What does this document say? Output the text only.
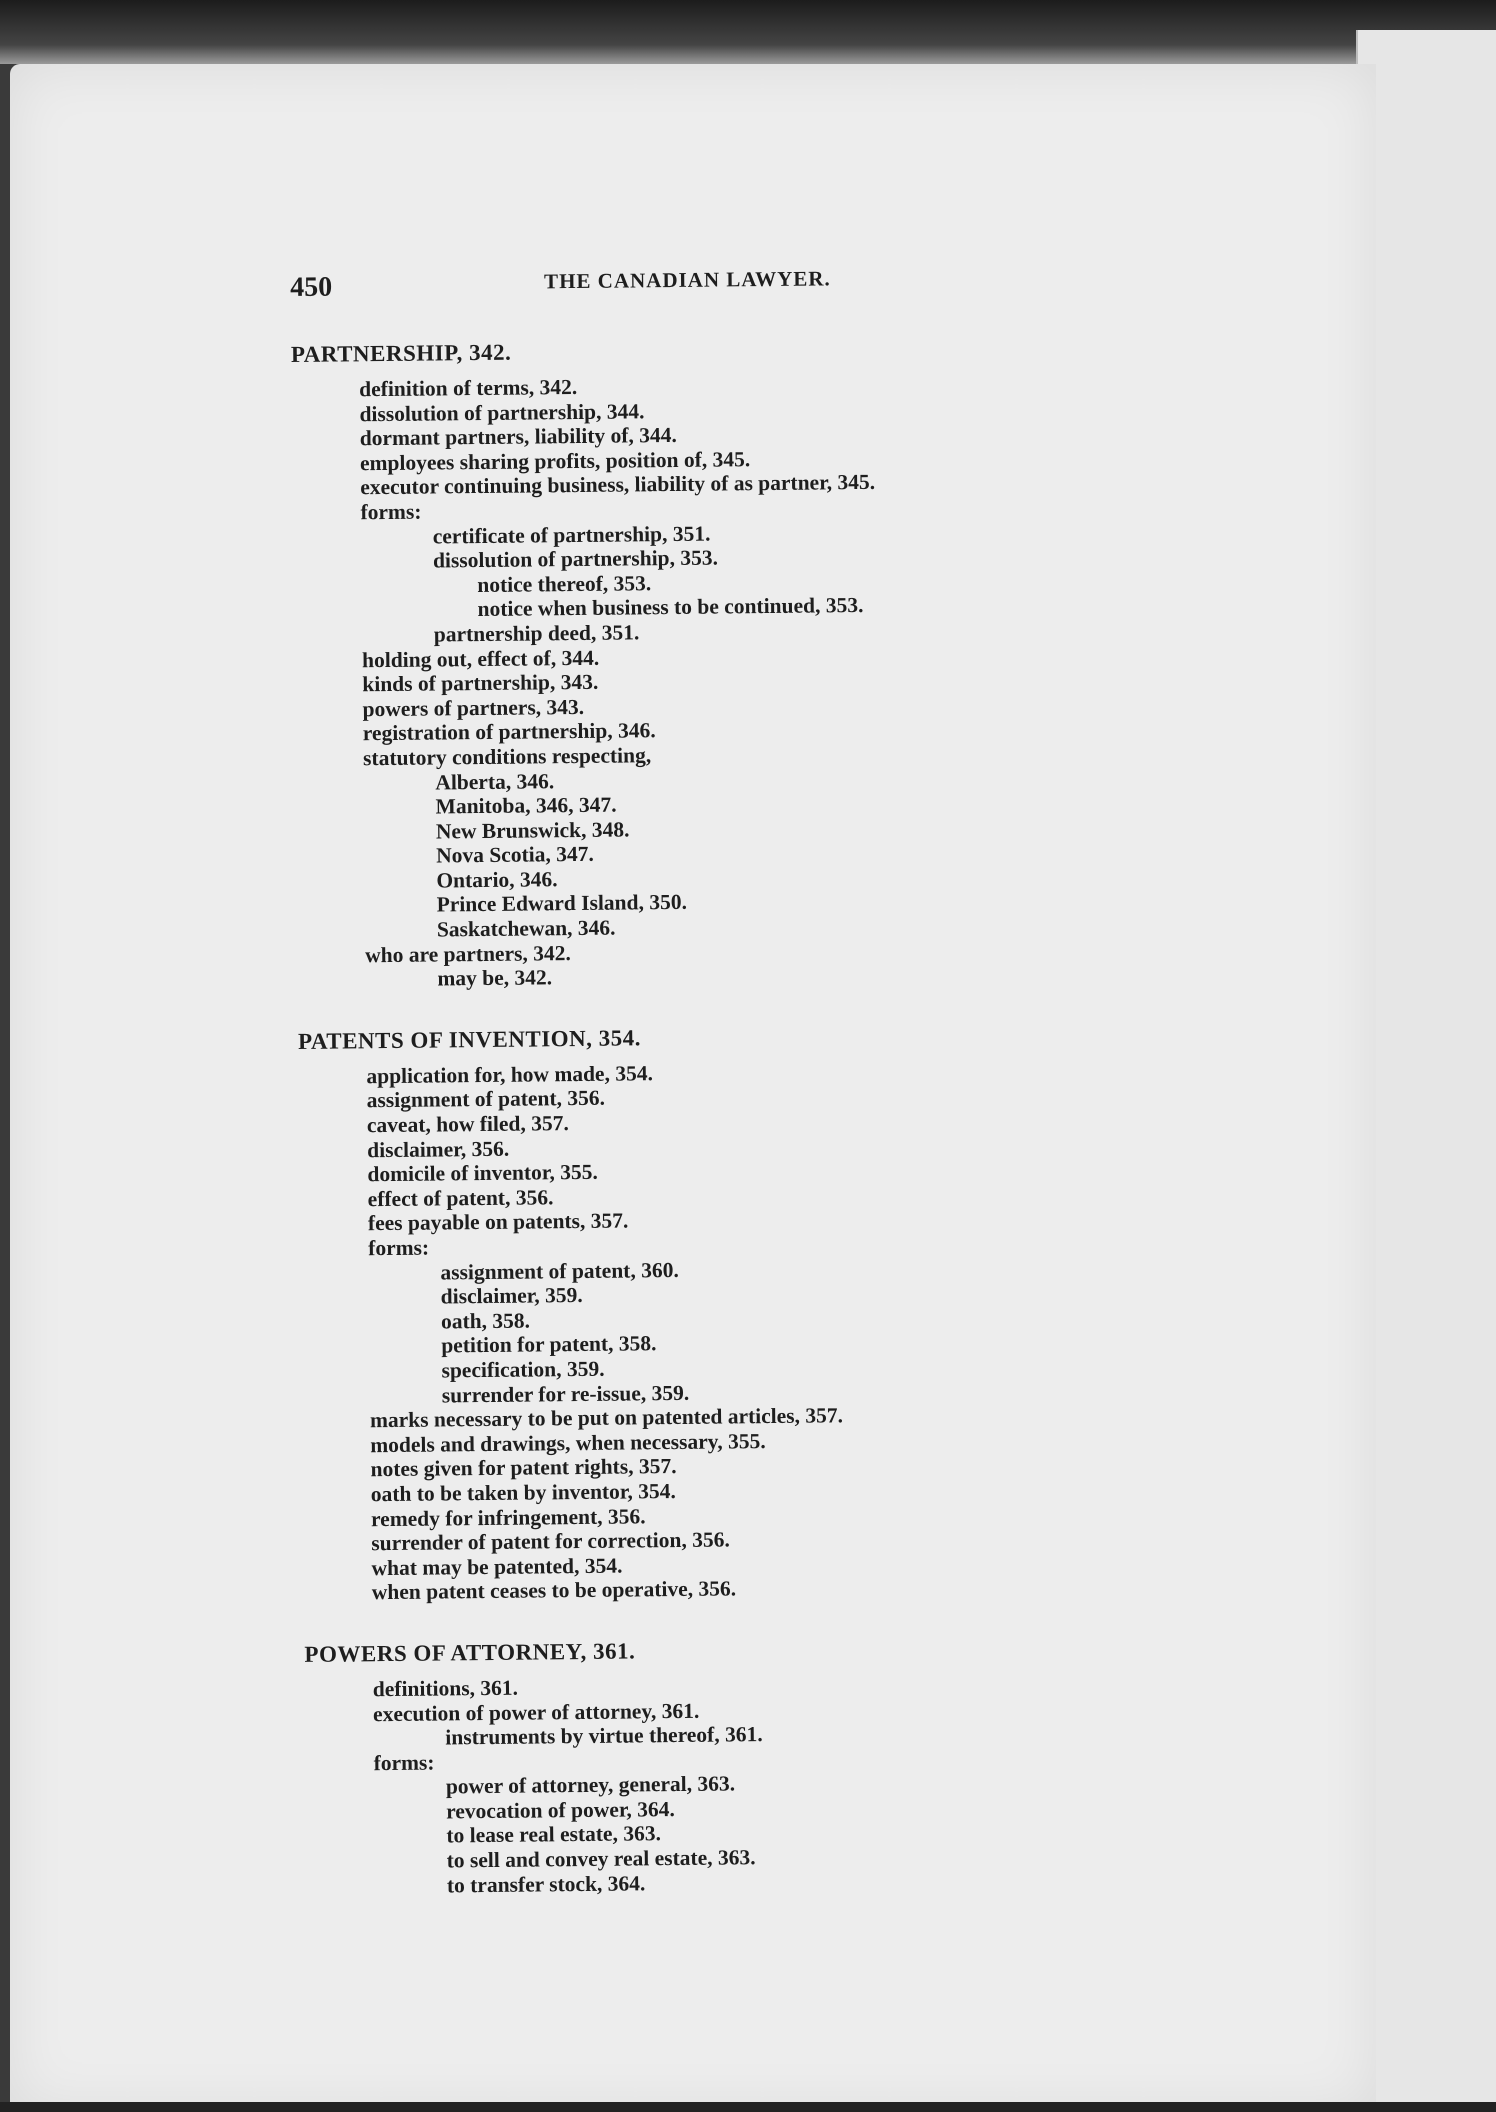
450	THE CANADIAN LAWYER.
PARTNERSHIP, 342.
definition of terms, 342.
dissolution of partnership, 344.
dormant partners, liability of, 344.
employees sharing profits, position of, 345.
executor continuing business, liability of as partner, 345.
forms:
certificate of partnership, 351.
dissolution of partnership, 353.
notice thereof, 353.
notice when business to be continued, 353.
partnership deed, 351.
holding out, effect of, 344.
kinds of partnership, 343.
powers of partners, 343.
registration of partnership, 346.
statutory conditions respecting,
Alberta, 346.
Manitoba, 346, 347.
New Brunswick, 348.
Nova Scotia, 347.
Ontario, 346.
Prince Edward Island, 350.
Saskatchewan, 346.
who are partners, 342.
may be, 342.
PATENTS OF INVENTION, 354.
application for, how made, 354.
assignment of patent, 356.
caveat, how filed, 357.
disclaimer, 356.
domicile of inventor, 355.
effect of patent, 356.
fees payable on patents, 357.
forms:
assignment of patent, 360.
disclaimer, 359.
oath, 358.
petition for patent, 358.
specification, 359.
surrender for re-issue, 359.
marks necessary to be put on patented articles, 357.
models and drawings, when necessary, 355.
notes given for patent rights, 357.
oath to be taken by inventor, 354.
remedy for infringement, 356.
surrender of patent for correction, 356.
what may be patented, 354.
when patent ceases to be operative, 356.
POWERS OF ATTORNEY, 361.
definitions, 361.
execution of power of attorney, 361.
instruments by virtue thereof, 361.
forms:
power of attorney, general, 363.
revocation of power, 364.
to lease real estate, 363.
to sell and convey real estate, 363.
to transfer stock, 364.
